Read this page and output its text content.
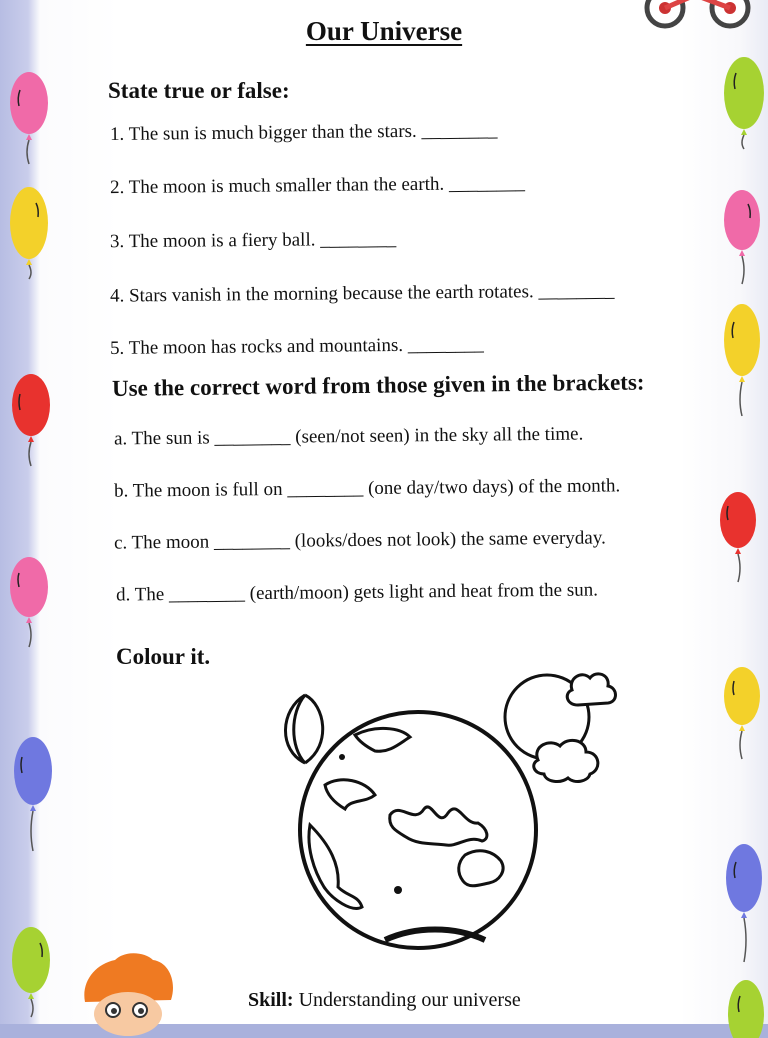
Our Universe
State true or false:
1. The sun is much bigger than the stars. ________
2. The moon is much smaller than the earth. ________
3. The moon is a fiery ball. ________
4. Stars vanish in the morning because the earth rotates. ________
5. The moon has rocks and mountains. ________
Use the correct word from those given in the brackets:
a. The sun is ________ (seen/not seen) in the sky all the time.
b. The moon is full on ________ (one day/two days) of the month.
c. The moon ________ (looks/does not look) the same everyday.
d. The ________ (earth/moon) gets light and heat from the sun.
Colour it.
Skill: Understanding our universe
